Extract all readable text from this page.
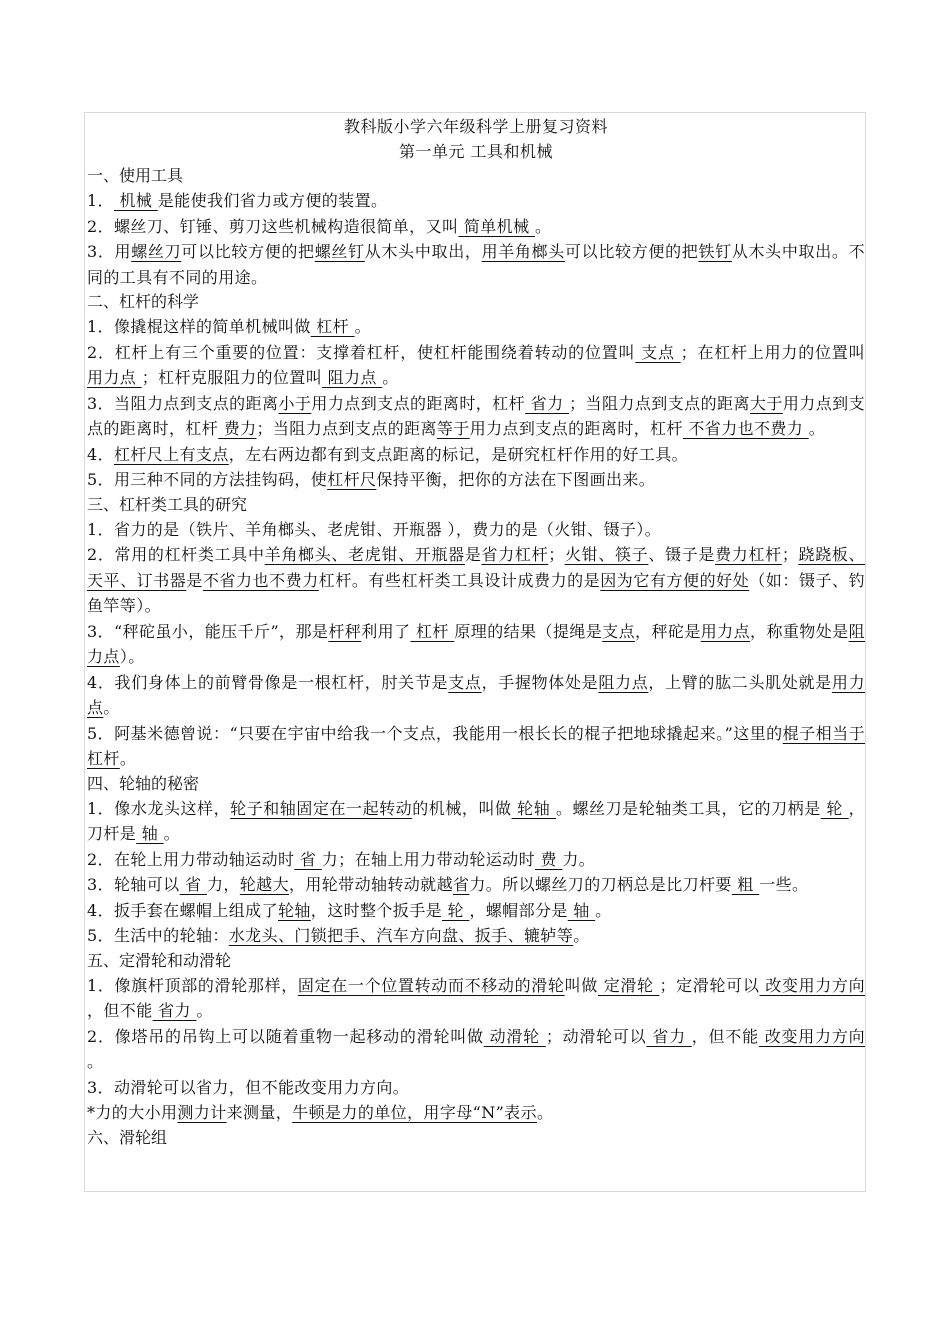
教科版小学六年级科学上册复习资料
第一单元 工具和机械
一、使用工具
1． 机械 是能使我们省力或方便的装置。
2．螺丝刀、钉锤、剪刀这些机械构造很简单，又叫 简单机械 。
3．用螺丝刀可以比较方便的把螺丝钉从木头中取出，用羊角榔头可以比较方便的把铁钉从木头中取出。不同的工具有不同的用途。
二、杠杆的科学
1．像撬棍这样的简单机械叫做 杠杆 。
2．杠杆上有三个重要的位置：支撑着杠杆，使杠杆能围绕着转动的位置叫 支点 ；在杠杆上用力的位置叫 用力点 ；杠杆克服阻力的位置叫 阻力点 。
3．当阻力点到支点的距离小于用力点到支点的距离时，杠杆 省力 ；当阻力点到支点的距离大于用力点到支点的距离时，杠杆 费力；当阻力点到支点的距离等于用力点到支点的距离时，杠杆 不省力也不费力 。
4．杠杆尺上有支点，左右两边都有到支点距离的标记，是研究杠杆作用的好工具。
5．用三种不同的方法挂钩码，使杠杆尺保持平衡，把你的方法在下图画出来。
三、杠杆类工具的研究
1．省力的是（铁片、羊角榔头、老虎钳、开瓶器 ），费力的是（火钳、镊子）。
2．常用的杠杆类工具中羊角榔头、老虎钳、开瓶器是省力杠杆；火钳、筷子、镊子是费力杠杆；跷跷板、天平、订书器是不省力也不费力杠杆。有些杠杆类工具设计成费力的是因为它有方便的好处（如：镊子、钓鱼竿等）。
3．“秤砣虽小，能压千斤”，那是杆秤利用了 杠杆 原理的结果（提绳是支点，秤砣是用力点，称重物处是阻力点）。
4．我们身体上的前臂骨像是一根杠杆，肘关节是支点，手握物体处是阻力点，上臂的肱二头肌处就是用力点。
5．阿基米德曾说：“只要在宇宙中给我一个支点，我能用一根长长的棍子把地球撬起来。”这里的棍子相当于杠杆。
四、轮轴的秘密
1．像水龙头这样，轮子和轴固定在一起转动的机械，叫做 轮轴 。螺丝刀是轮轴类工具，它的刀柄是 轮 ，刀杆是 轴 。
2．在轮上用力带动轴运动时 省 力；在轴上用力带动轮运动时 费 力。
3．轮轴可以 省 力，轮越大，用轮带动轴转动就越省力。所以螺丝刀的刀柄总是比刀杆要 粗 一些。
4．扳手套在螺帽上组成了轮轴，这时整个扳手是 轮 ，螺帽部分是 轴 。
5．生活中的轮轴：水龙头、门锁把手、汽车方向盘、扳手、辘轳等。
五、定滑轮和动滑轮
1．像旗杆顶部的滑轮那样，固定在一个位置转动而不移动的滑轮叫做 定滑轮 ；定滑轮可以 改变用力方向 ，但不能 省力 。
2．像塔吊的吊钩上可以随着重物一起移动的滑轮叫做 动滑轮 ；动滑轮可以 省力 ，但不能 改变用力方向 。
3．动滑轮可以省力，但不能改变用力方向。
*力的大小用测力计来测量，牛顿是力的单位，用字母“N”表示。
六、滑轮组
